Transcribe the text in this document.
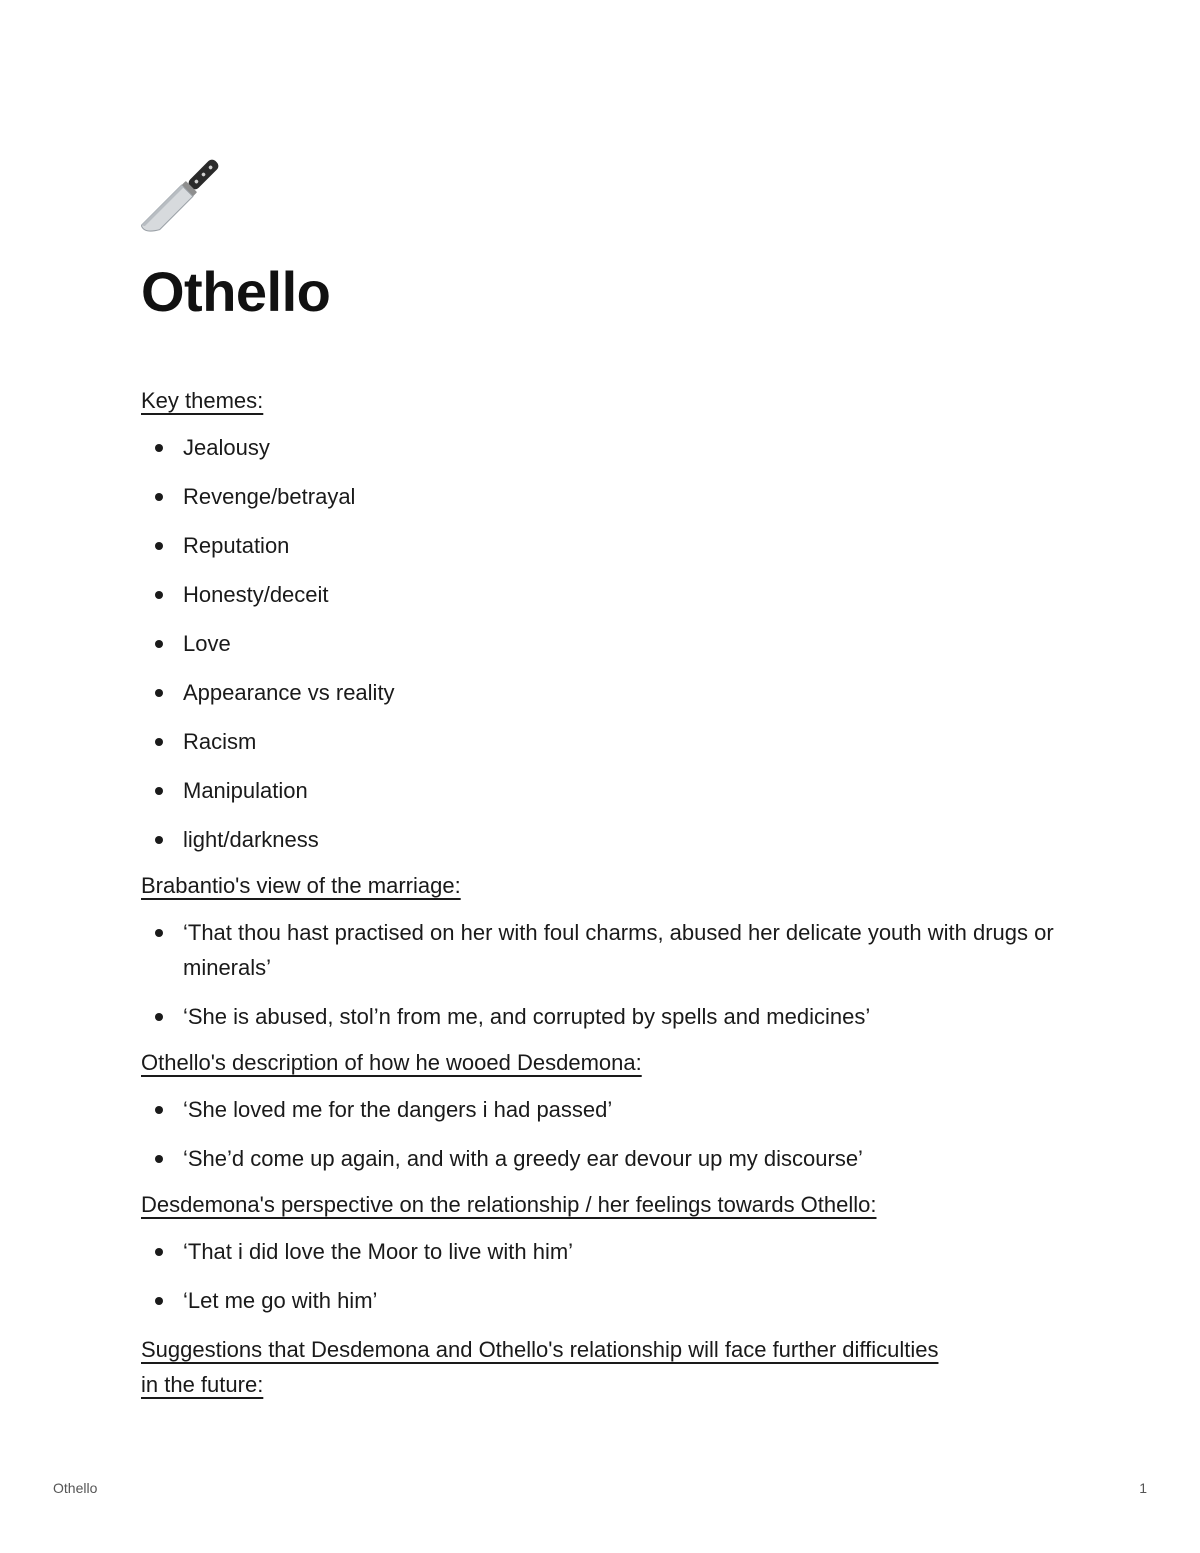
Othello
Key themes:
Jealousy
Revenge/betrayal
Reputation
Honesty/deceit
Love
Appearance vs reality
Racism
Manipulation
light/darkness
Brabantio's view of the marriage:
‘That thou hast practised on her with foul charms, abused her delicate youth with drugs or minerals’
‘She is abused, stol’n from me, and corrupted by spells and medicines’
Othello's description of how he wooed Desdemona:
‘She loved me for the dangers i had passed’
‘She’d come up again, and with a greedy ear devour up my discourse’
Desdemona's perspective on the relationship / her feelings towards Othello:
‘That i did love the Moor to live with him’
‘Let me go with him’
Suggestions that Desdemona and Othello's relationship will face further difficulties in the future:
Othello	1
